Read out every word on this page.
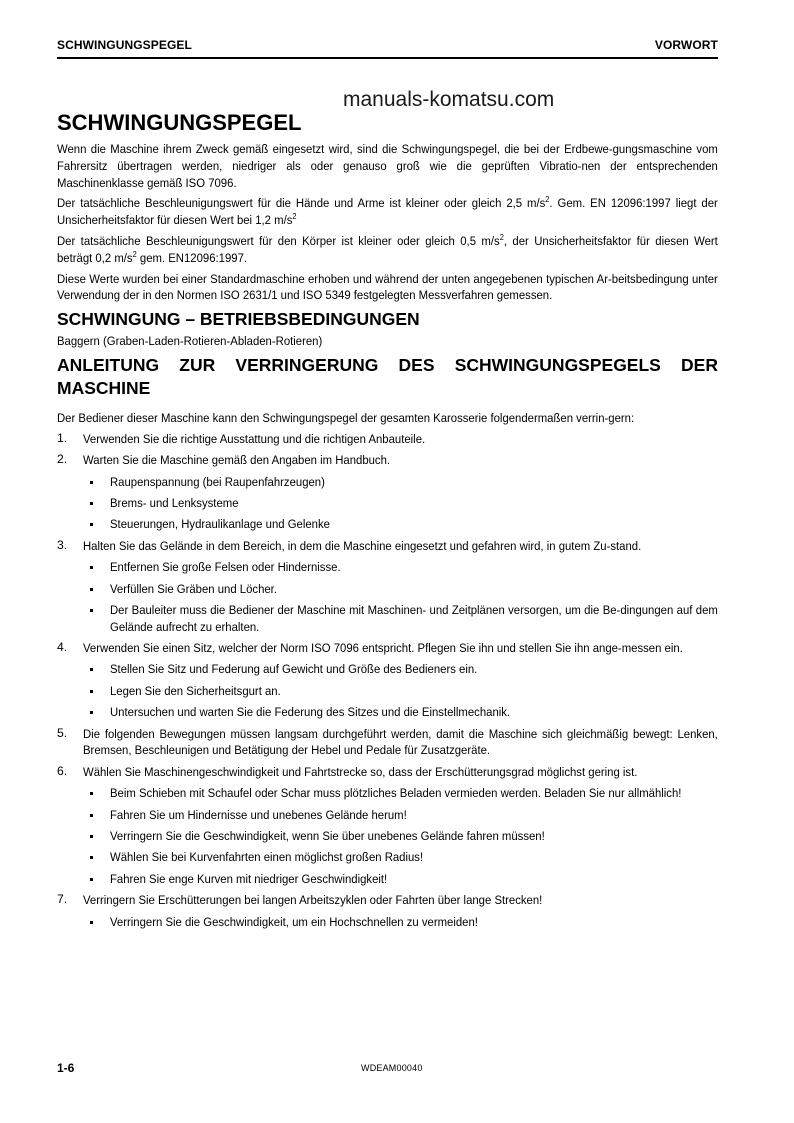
SCHWINGUNGSPEGEL	VORWORT
manuals-komatsu.com
SCHWINGUNGSPEGEL

Wenn die Maschine ihrem Zweck gemäß eingesetzt wird, sind die Schwingungspegel, die bei der Erdbewe-gungsmaschine vom Fahrersitz übertragen werden, niedriger als oder genauso groß wie die geprüften Vibratio-nen der entsprechenden Maschinenklasse gemäß ISO 7096.

Der tatsächliche Beschleunigungswert für die Hände und Arme ist kleiner oder gleich 2,5 $m/s^2$. Gem. EN 12096:1997 liegt der Unsicherheitsfaktor für diesen Wert bei 1,2 $m/s^2$

Der tatsächliche Beschleunigungswert für den Körper ist kleiner oder gleich 0,5 $m/s^2$, der Unsicherheitsfaktor für diesen Wert beträgt 0,2 $m/s^2$ gem. EN12096:1997.

Diese Werte wurden bei einer Standardmaschine erhoben und während der unten angegebenen typischen Ar-beitsbedingung unter Verwendung der in den Normen ISO 2631/1 und ISO 5349 festgelegten Messverfahren gemessen.

SCHWINGUNG – BETRIEBSBEDINGUNGEN

Baggern (Graben-Laden-Rotieren-Abladen-Rotieren)

ANLEITUNG ZUR VERRINGERUNG DES SCHWINGUNGSPEGELS DER MASCHINE

Der Bediener dieser Maschine kann den Schwingungspegel der gesamten Karosserie folgendermaßen verrin-gern:

1. Verwenden Sie die richtige Ausstattung und die richtigen Anbauteile.
2. Warten Sie die Maschine gemäß den Angaben im Handbuch.
Raupenspannung (bei Raupenfahrzeugen)
Brems- und Lenksysteme
Steuerungen, Hydraulikanlage und Gelenke
3. Halten Sie das Gelände in dem Bereich, in dem die Maschine eingesetzt und gefahren wird, in gutem Zu-stand.
Entfernen Sie große Felsen oder Hindernisse.
Verfüllen Sie Gräben und Löcher.
Der Bauleiter muss die Bediener der Maschine mit Maschinen- und Zeitplänen versorgen, um die Be-dingungen auf dem Gelände aufrecht zu erhalten.
4. Verwenden Sie einen Sitz, welcher der Norm ISO 7096 entspricht. Pflegen Sie ihn und stellen Sie ihn ange-messen ein.
Stellen Sie Sitz und Federung auf Gewicht und Größe des Bedieners ein.
Legen Sie den Sicherheitsgurt an.
Untersuchen und warten Sie die Federung des Sitzes und die Einstellmechanik.
5. Die folgenden Bewegungen müssen langsam durchgeführt werden, damit die Maschine sich gleichmäßig bewegt: Lenken, Bremsen, Beschleunigen und Betätigung der Hebel und Pedale für Zusatzgeräte.
6. Wählen Sie Maschinengeschwindigkeit und Fahrtstrecke so, dass der Erschütterungsgrad möglichst gering ist.
Beim Schieben mit Schaufel oder Schar muss plötzliches Beladen vermieden werden. Beladen Sie nur allmählich!
Fahren Sie um Hindernisse und unebenes Gelände herum!
Verringern Sie die Geschwindigkeit, wenn Sie über unebenes Gelände fahren müssen!
Wählen Sie bei Kurvenfahrten einen möglichst großen Radius!
Fahren Sie enge Kurven mit niedriger Geschwindigkeit!
7. Verringern Sie Erschütterungen bei langen Arbeitszyklen oder Fahrten über lange Strecken!
Verringern Sie die Geschwindigkeit, um ein Hochschnellen zu vermeiden!
1-6	WDEAM00040
